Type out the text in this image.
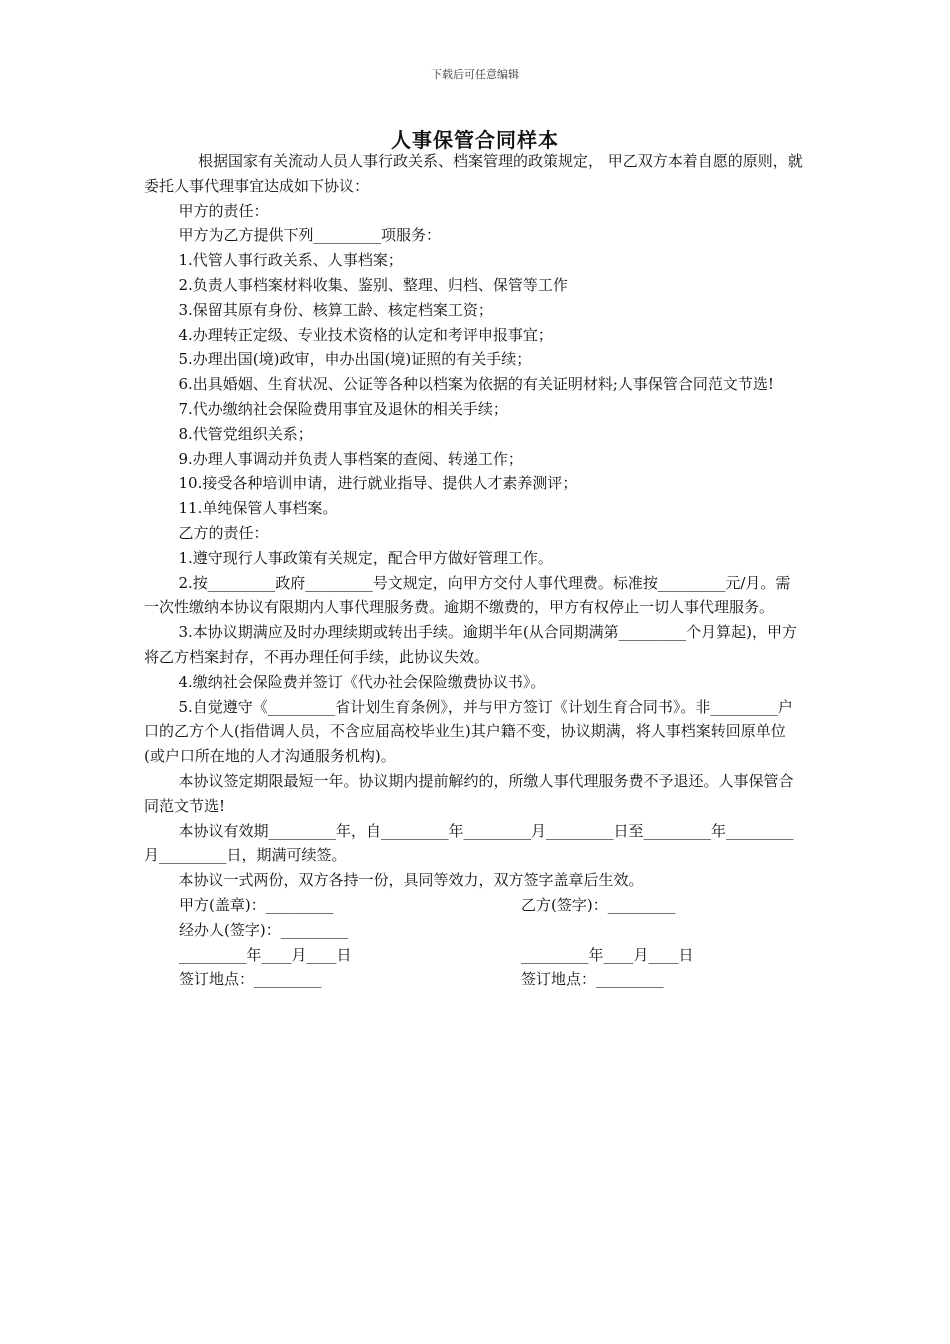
下载后可任意编辑
人事保管合同样本

根据国家有关流动人员人事行政关系、档案管理的政策规定， 甲乙双方本着自愿的原则，就委托人事代理事宜达成如下协议：

甲方的责任：

甲方为乙方提供下列_________项服务：

1.代管人事行政关系、人事档案；

2.负责人事档案材料收集、鉴别、整理、归档、保管等工作

3.保留其原有身份、核算工龄、核定档案工资；

4.办理转正定级、专业技术资格的认定和考评申报事宜；

5.办理出国(境)政审，申办出国(境)证照的有关手续；

6.出具婚姻、生育状况、公证等各种以档案为依据的有关证明材料;人事保管合同范文节选!

7.代办缴纳社会保险费用事宜及退休的相关手续；

8.代管党组织关系；

9.办理人事调动并负责人事档案的查阅、转递工作；

10.接受各种培训申请，进行就业指导、提供人才素养测评；

11.单纯保管人事档案。

乙方的责任：

1.遵守现行人事政策有关规定，配合甲方做好管理工作。

2.按_________政府_________号文规定，向甲方交付人事代理费。标准按_________元/月。需一次性缴纳本协议有限期内人事代理服务费。逾期不缴费的，甲方有权停止一切人事代理服务。

3.本协议期满应及时办理续期或转出手续。逾期半年(从合同期满第_________个月算起)，甲方将乙方档案封存，不再办理任何手续，此协议失效。

4.缴纳社会保险费并签订《代办社会保险缴费协议书》。

5.自觉遵守《_________省计划生育条例》，并与甲方签订《计划生育合同书》。非_________户口的乙方个人(指借调人员，不含应届高校毕业生)其户籍不变，协议期满，将人事档案转回原单位(或户口所在地的人才沟通服务机构)。

本协议签定期限最短一年。协议期内提前解约的，所缴人事代理服务费不予退还。人事保管合同范文节选!

本协议有效期_________年，自_________年_________月_________日至_________年_________月_________日，期满可续签。

本协议一式两份，双方各持一份，具同等效力，双方签字盖章后生效。

甲方(盖章)：_________	乙方(签字)：_________
经办人(签字)：_________
_________年____月____日	_________年____月____日
签订地点：_________	签订地点：_________
